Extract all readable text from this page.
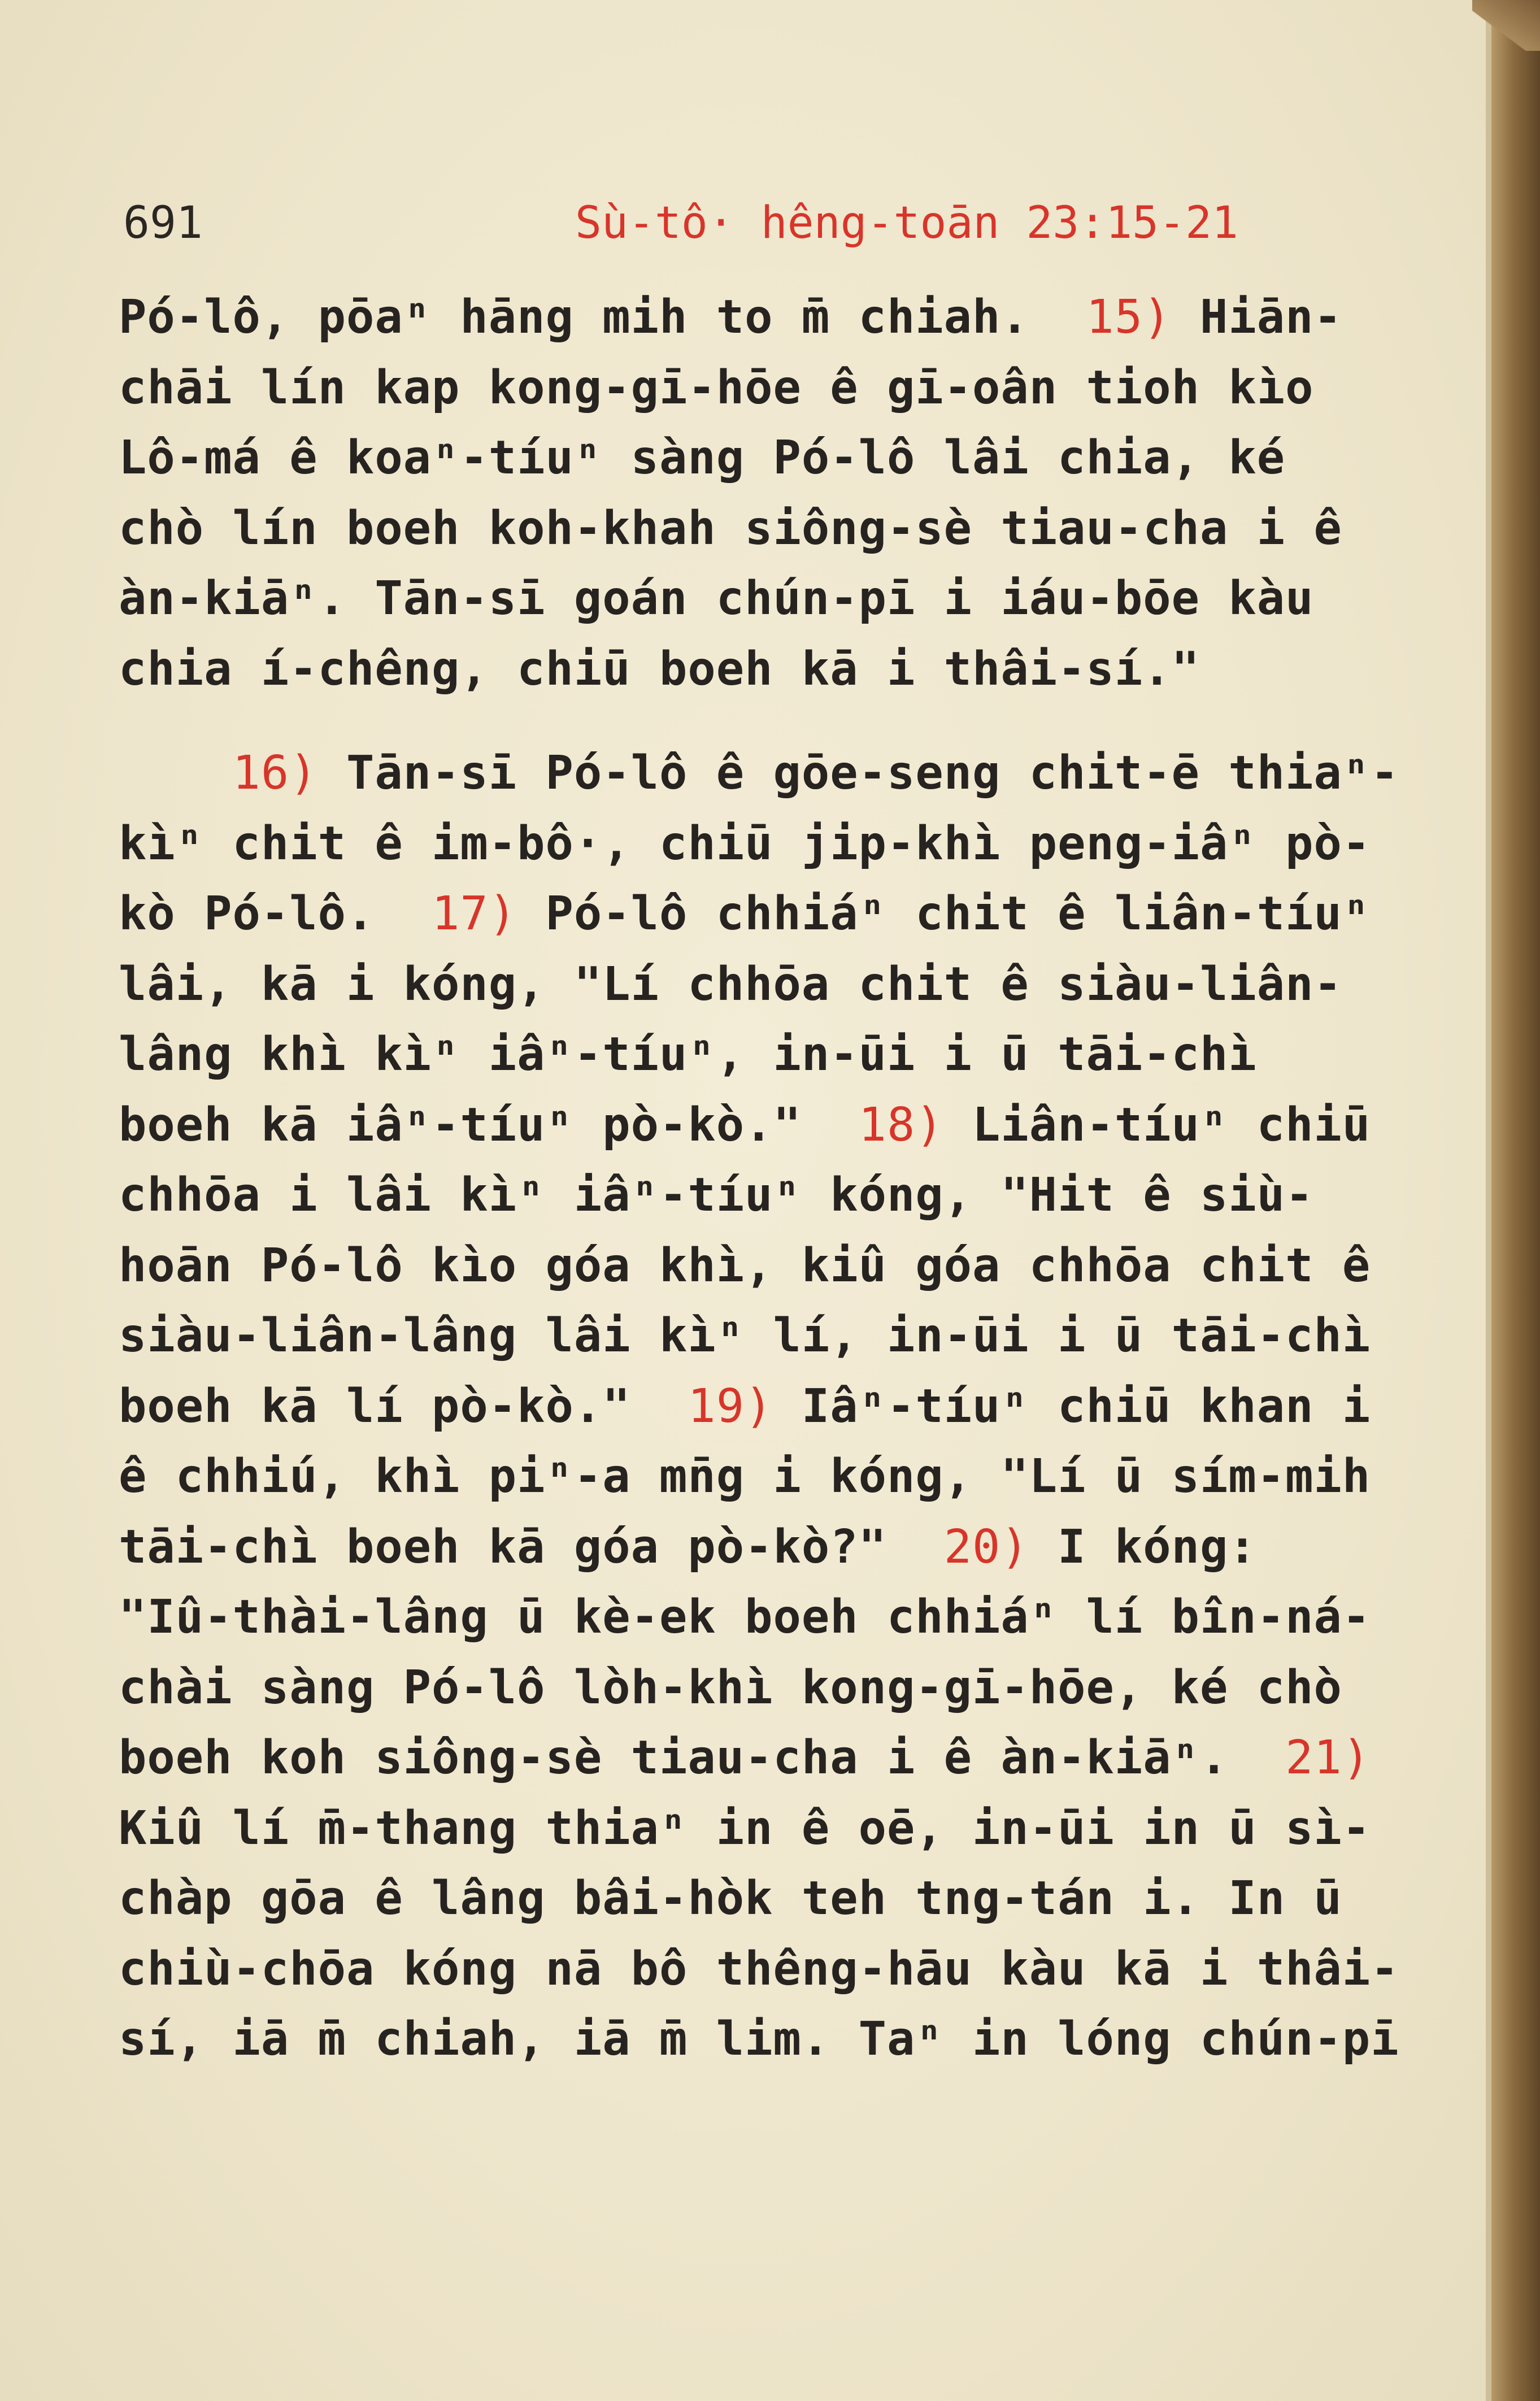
691	Sù-tô· hêng-toān 23:15-21
Pó-lô, pōaⁿ hāng mih to m̄ chiah.  15) Hiān-
chāi lín kap kong-gī-hōe ê gī-oân tioh kìo
Lô-má ê koaⁿ-tíuⁿ sàng Pó-lô lâi chia, ké
chò lín boeh koh-khah siông-sè tiau-cha i ê
àn-kiāⁿ. Tān-sī goán chún-pī i iáu-bōe kàu
chia í-chêng, chiū boeh kā i thâi-sí."
16) Tān-sī Pó-lô ê gōe-seng chit-ē thiaⁿ-
kìⁿ chit ê im-bô·, chiū jip-khì peng-iâⁿ pò-
kò Pó-lô.  17) Pó-lô chhiáⁿ chit ê liân-tíuⁿ
lâi, kā i kóng, "Lí chhōa chit ê siàu-liân-
lâng khì kìⁿ iâⁿ-tíuⁿ, in-ūi i ū tāi-chì
boeh kā iâⁿ-tíuⁿ pò-kò."  18) Liân-tíuⁿ chiū
chhōa i lâi kìⁿ iâⁿ-tíuⁿ kóng, "Hit ê siù-
hoān Pó-lô kìo góa khì, kiû góa chhōa chit ê
siàu-liân-lâng lâi kìⁿ lí, in-ūi i ū tāi-chì
boeh kā lí pò-kò."  19) Iâⁿ-tíuⁿ chiū khan i
ê chhiú, khì piⁿ-a mn̄g i kóng, "Lí ū sím-mih
tāi-chì boeh kā góa pò-kò?"  20) I kóng:
"Iû-thài-lâng ū kè-ek boeh chhiáⁿ lí bîn-ná-
chài sàng Pó-lô lòh-khì kong-gī-hōe, ké chò
boeh koh siông-sè tiau-cha i ê àn-kiāⁿ.  21)
Kiû lí m̄-thang thiaⁿ in ê oē, in-ūi in ū sì-
chàp gōa ê lâng bâi-hòk teh tng-tán i. In ū
chiù-chōa kóng nā bô thêng-hāu kàu kā i thâi-
sí, iā m̄ chiah, iā m̄ lim. Taⁿ in lóng chún-pī
